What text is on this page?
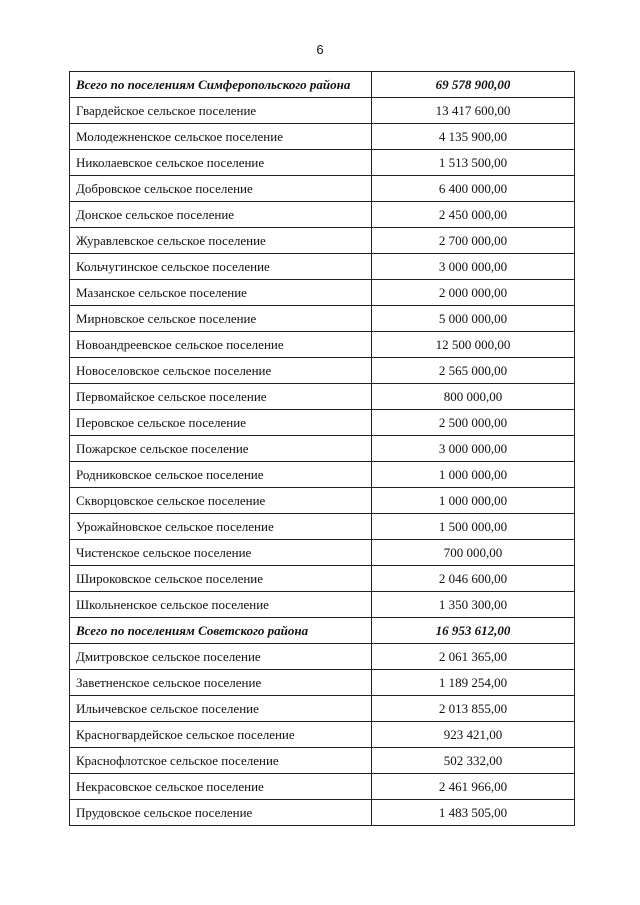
6
Всего по поселениям Симферопольского района	69 578 900,00
Гвардейское сельское поселение	13 417 600,00
Молодежненское сельское поселение	4 135 900,00
Николаевское сельское поселение	1 513 500,00
Добровское сельское поселение	6 400 000,00
Донское сельское поселение	2 450 000,00
Журавлевское сельское поселение	2 700 000,00
Кольчугинское сельское поселение	3 000 000,00
Мазанское сельское поселение	2 000 000,00
Мирновское сельское поселение	5 000 000,00
Новоандреевское сельское поселение	12 500 000,00
Новоселовское сельское поселение	2 565 000,00
Первомайское сельское поселение	800 000,00
Перовское сельское поселение	2 500 000,00
Пожарское сельское поселение	3 000 000,00
Родниковское сельское поселение	1 000 000,00
Скворцовское сельское поселение	1 000 000,00
Урожайновское сельское поселение	1 500 000,00
Чистенское сельское поселение	700 000,00
Широковское сельское поселение	2 046 600,00
Школьненское сельское поселение	1 350 300,00
Всего по поселениям Советского района	16 953 612,00
Дмитровское сельское поселение	2 061 365,00
Заветненское сельское поселение	1 189 254,00
Ильичевское сельское поселение	2 013 855,00
Красногвардейское сельское поселение	923 421,00
Краснофлотское сельское поселение	502 332,00
Некрасовское сельское поселение	2 461 966,00
Прудовское сельское поселение	1 483 505,00
